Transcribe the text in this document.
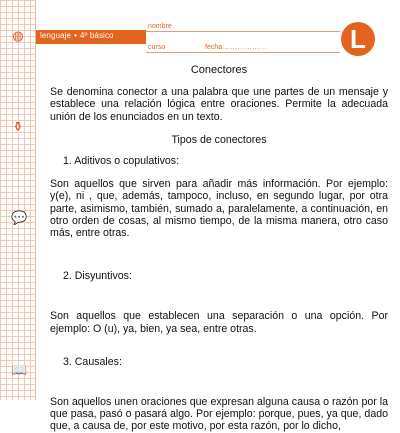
◍
⚱
💬
📖
lenguaje • 4º básico
nombre
curso	fecha ..................	L
Conectores

Se denomina conector a una palabra que une partes de un mensaje y establece una relación lógica entre oraciones. Permite la adecuada unión de los enunciados en un texto.

Tipos de conectores
1. Aditivos o copulativos:

Son aquellos que sirven para añadir más información. Por ejemplo: y(e), ni , que, además, tampoco, incluso, en segundo lugar, por otra parte, asimismo, también, sumado a, paralelamente, a continuación, en otro orden de cosas, al mismo tiempo, de la misma manera, otro caso más, entre otras.

2. Disyuntivos:

Son aquellos que establecen una separación o una opción. Por ejemplo: O (u), ya, bien, ya sea, entre otras.

3. Causales:

Son aquellos unen oraciones que expresan alguna causa o razón por la que pasa, pasó o pasará algo. Por ejemplo: porque, pues, ya que, dado que, a causa de, por este motivo, por esta razón, por lo dicho,
